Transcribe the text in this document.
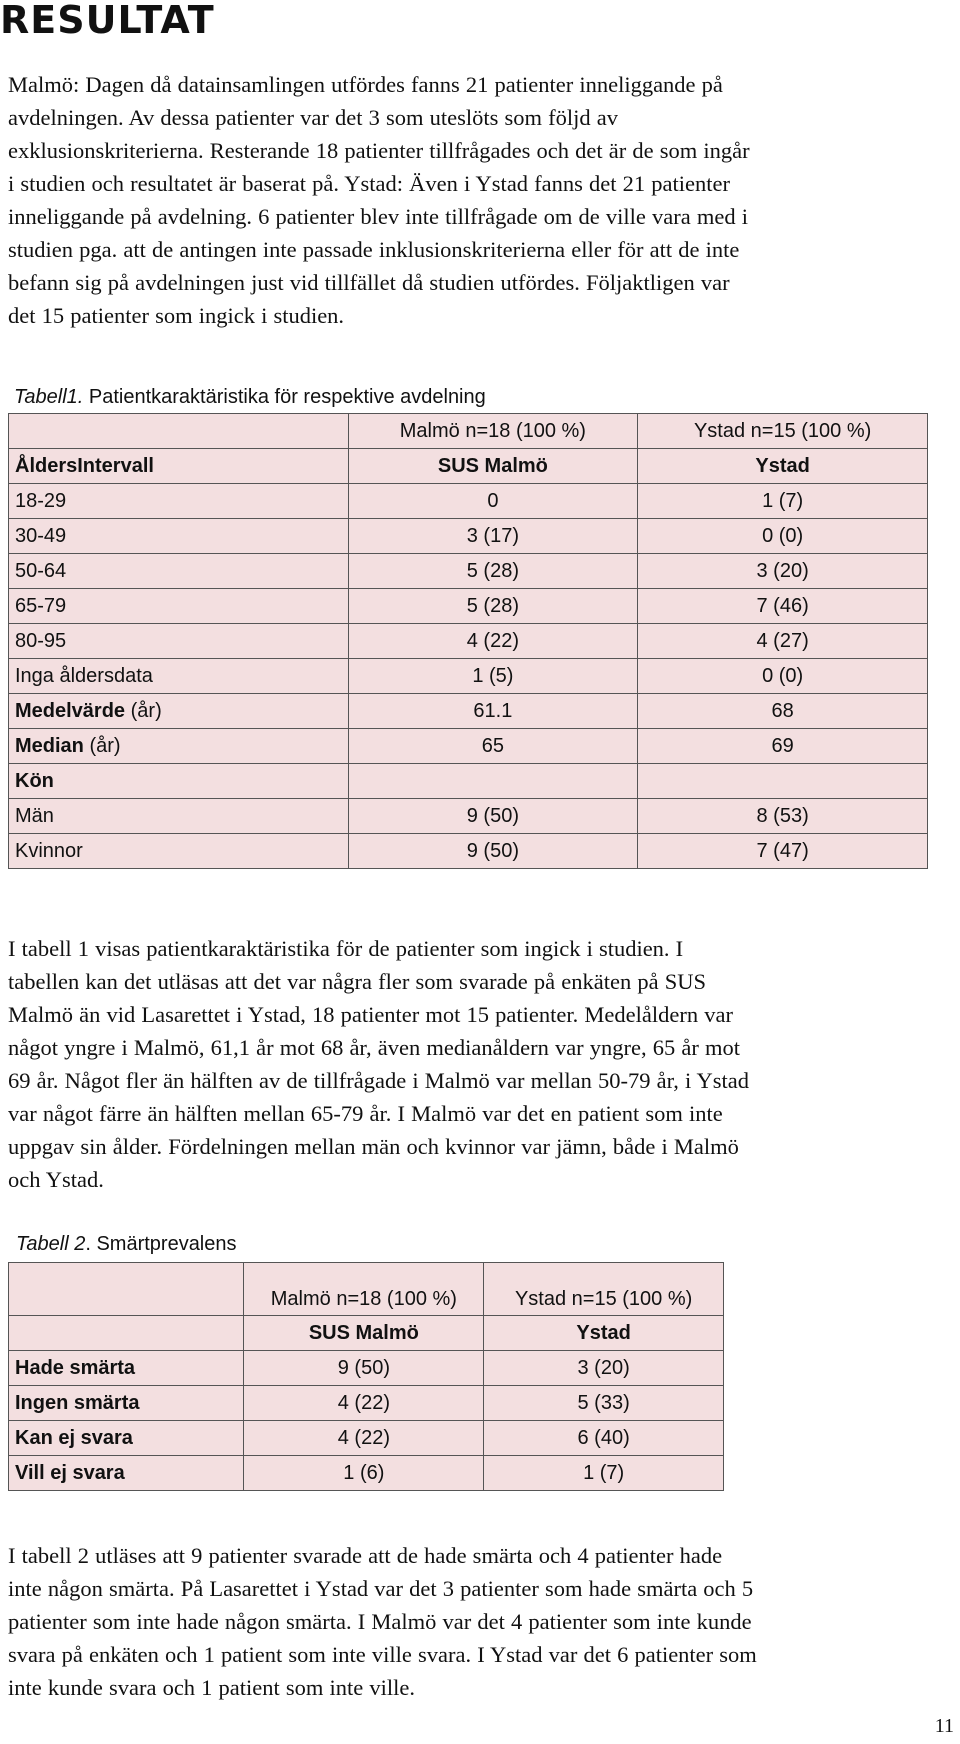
RESULTAT
Malmö: Dagen då datainsamlingen utfördes fanns 21 patienter inneliggande på
avdelningen. Av dessa patienter var det 3 som uteslöts som följd av
exklusionskriterierna. Resterande 18 patienter tillfrågades och det är de som ingår
i studien och resultatet är baserat på. Ystad: Även i Ystad fanns det 21 patienter
inneliggande på avdelning. 6 patienter blev inte tillfrågade om de ville vara med i
studien pga. att de antingen inte passade inklusionskriterierna eller för att de inte
befann sig på avdelningen just vid tillfället då studien utfördes. Följaktligen var
det 15 patienter som ingick i studien.

Tabell1. Patientkaraktäristika för respektive avdelning

	Malmö n=18 (100 %)	Ystad n=15 (100 %)
ÅldersIntervall	SUS Malmö	Ystad
18-29	0	1 (7)
30-49	3 (17)	0 (0)
50-64	5 (28)	3 (20)
65-79	5 (28)	7 (46)
80-95	4 (22)	4 (27)
Inga åldersdata	1 (5)	0 (0)
Medelvärde (år)	61.1	68
Median (år)	65	69
Kön		
Män	9 (50)	8 (53)
Kvinnor	9 (50)	7 (47)
I tabell 1 visas patientkaraktäristika för de patienter som ingick i studien. I
tabellen kan det utläsas att det var några fler som svarade på enkäten på SUS
Malmö än vid Lasarettet i Ystad, 18 patienter mot 15 patienter. Medelåldern var
något yngre i Malmö, 61,1 år mot 68 år, även medianåldern var yngre, 65 år mot
69 år. Något fler än hälften av de tillfrågade i Malmö var mellan 50-79 år, i Ystad
var något färre än hälften mellan 65-79 år. I Malmö var det en patient som inte
uppgav sin ålder. Fördelningen mellan män och kvinnor var jämn, både i Malmö
och Ystad.

Tabell 2. Smärtprevalens

	Malmö n=18 (100 %)	Ystad n=15 (100 %)
	SUS Malmö	Ystad
Hade smärta	9 (50)	3 (20)
Ingen smärta	4 (22)	5 (33)
Kan ej svara	4 (22)	6 (40)
Vill ej svara	1 (6)	1 (7)
I tabell 2 utläses att 9 patienter svarade att de hade smärta och 4 patienter hade
inte någon smärta. På Lasarettet i Ystad var det 3 patienter som hade smärta och 5
patienter som inte hade någon smärta. I Malmö var det 4 patienter som inte kunde
svara på enkäten och 1 patient som inte ville svara. I Ystad var det 6 patienter som
inte kunde svara och 1 patient som inte ville.

11
